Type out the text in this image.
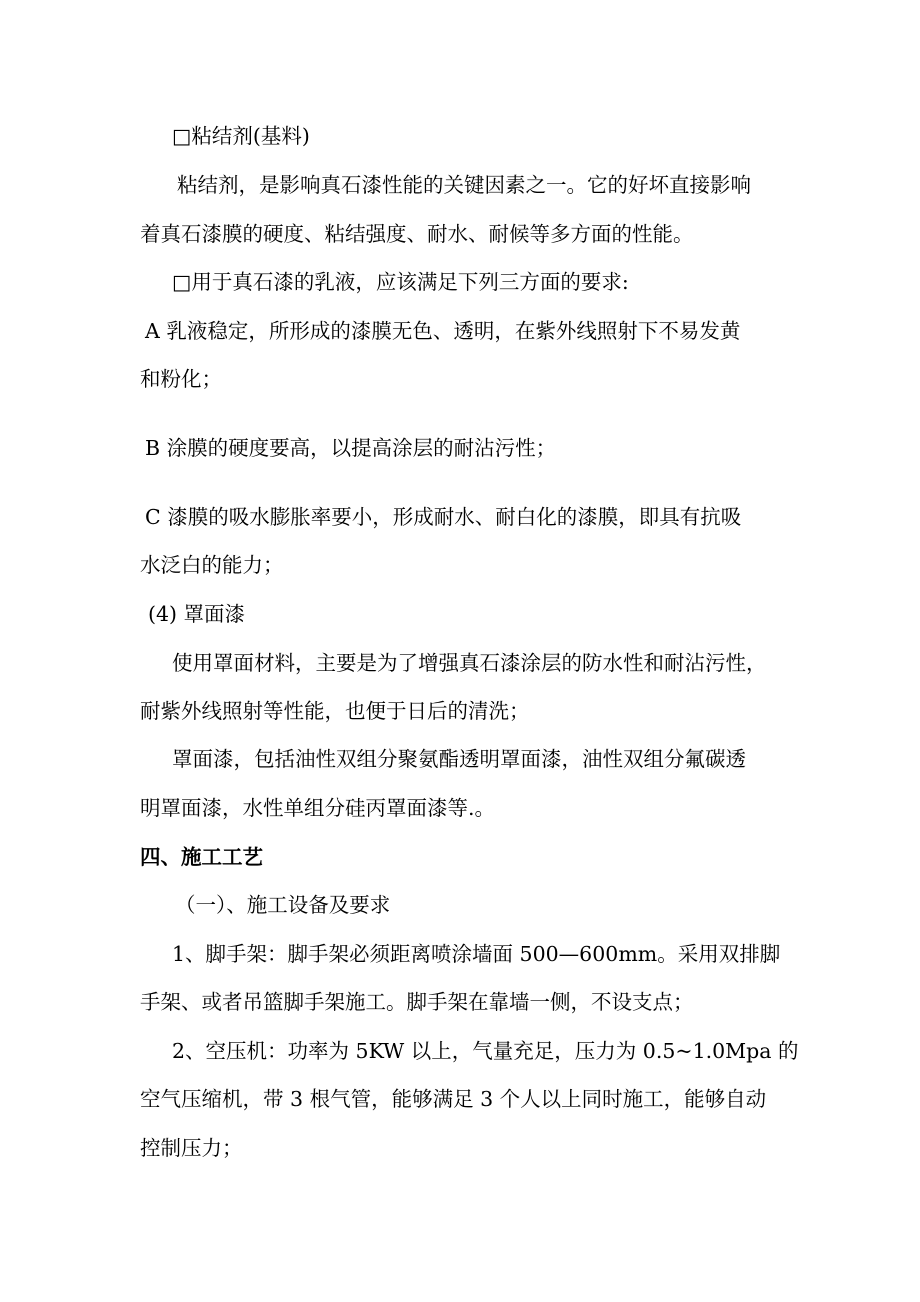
□粘结剂(基料)
粘结剂，是影响真石漆性能的关键因素之一。它的好坏直接影响
着真石漆膜的硬度、粘结强度、耐水、耐候等多方面的性能。
□用于真石漆的乳液，应该满足下列三方面的要求:
A 乳液稳定，所形成的漆膜无色、透明，在紫外线照射下不易发黄
和粉化；
B 涂膜的硬度要高，以提高涂层的耐沾污性；
C 漆膜的吸水膨胀率要小，形成耐水、耐白化的漆膜，即具有抗吸
水泛白的能力；
(4) 罩面漆
使用罩面材料，主要是为了增强真石漆涂层的防水性和耐沾污性，
耐紫外线照射等性能，也便于日后的清洗；
罩面漆，包括油性双组分聚氨酯透明罩面漆，油性双组分氟碳透
明罩面漆，水性单组分硅丙罩面漆等.。
四、施工工艺
（一）、施工设备及要求
1、脚手架：脚手架必须距离喷涂墙面 500—600mm。采用双排脚
手架、或者吊篮脚手架施工。脚手架在靠墙一侧，不设支点；
2、空压机：功率为 5KW 以上，气量充足，压力为 0.5~1.0Mpa 的
空气压缩机，带 3 根气管，能够满足 3 个人以上同时施工，能够自动
控制压力；
